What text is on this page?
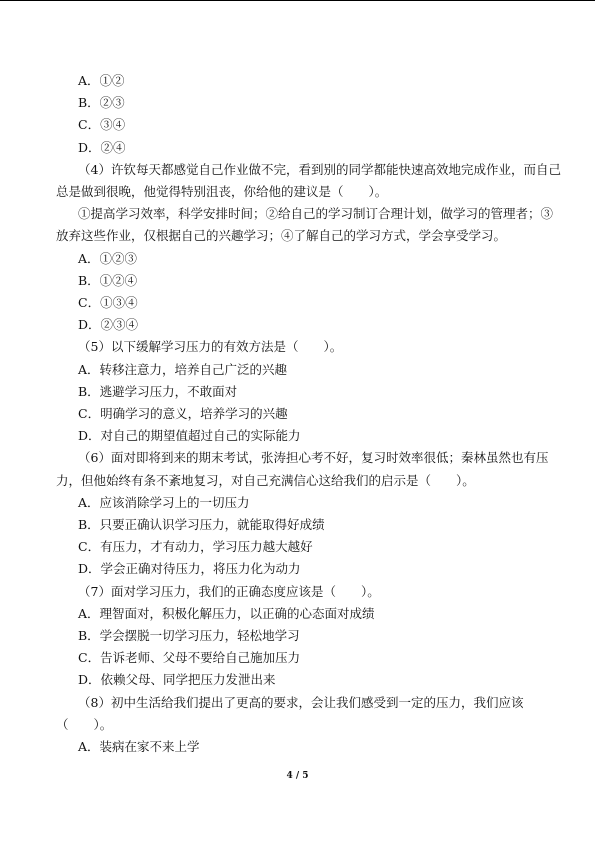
A．①②
B．②③
C．③④
D．②④
（4）许钦每天都感觉自己作业做不完，看到别的同学都能快速高效地完成作业，而自己
总是做到很晚，他觉得特别沮丧，你给他的建议是（　　）。
①提高学习效率，科学安排时间；②给自己的学习制订合理计划，做学习的管理者；③
放弃这些作业，仅根据自己的兴趣学习；④了解自己的学习方式，学会享受学习。
A．①②③
B．①②④
C．①③④
D．②③④
（5）以下缓解学习压力的有效方法是（　　）。
A．转移注意力，培养自己广泛的兴趣
B．逃避学习压力，不敢面对
C．明确学习的意义，培养学习的兴趣
D．对自己的期望值超过自己的实际能力
（6）面对即将到来的期末考试，张涛担心考不好，复习时效率很低；秦林虽然也有压
力，但他始终有条不紊地复习，对自己充满信心这给我们的启示是（　　）。
A．应该消除学习上的一切压力
B．只要正确认识学习压力，就能取得好成绩
C．有压力，才有动力，学习压力越大越好
D．学会正确对待压力，将压力化为动力
（7）面对学习压力，我们的正确态度应该是（　　）。
A．理智面对，积极化解压力，以正确的心态面对成绩
B．学会摆脱一切学习压力，轻松地学习
C．告诉老师、父母不要给自己施加压力
D．依赖父母、同学把压力发泄出来
（8）初中生活给我们提出了更高的要求，会让我们感受到一定的压力，我们应该
（　　）。
A．装病在家不来上学
4 / 5
